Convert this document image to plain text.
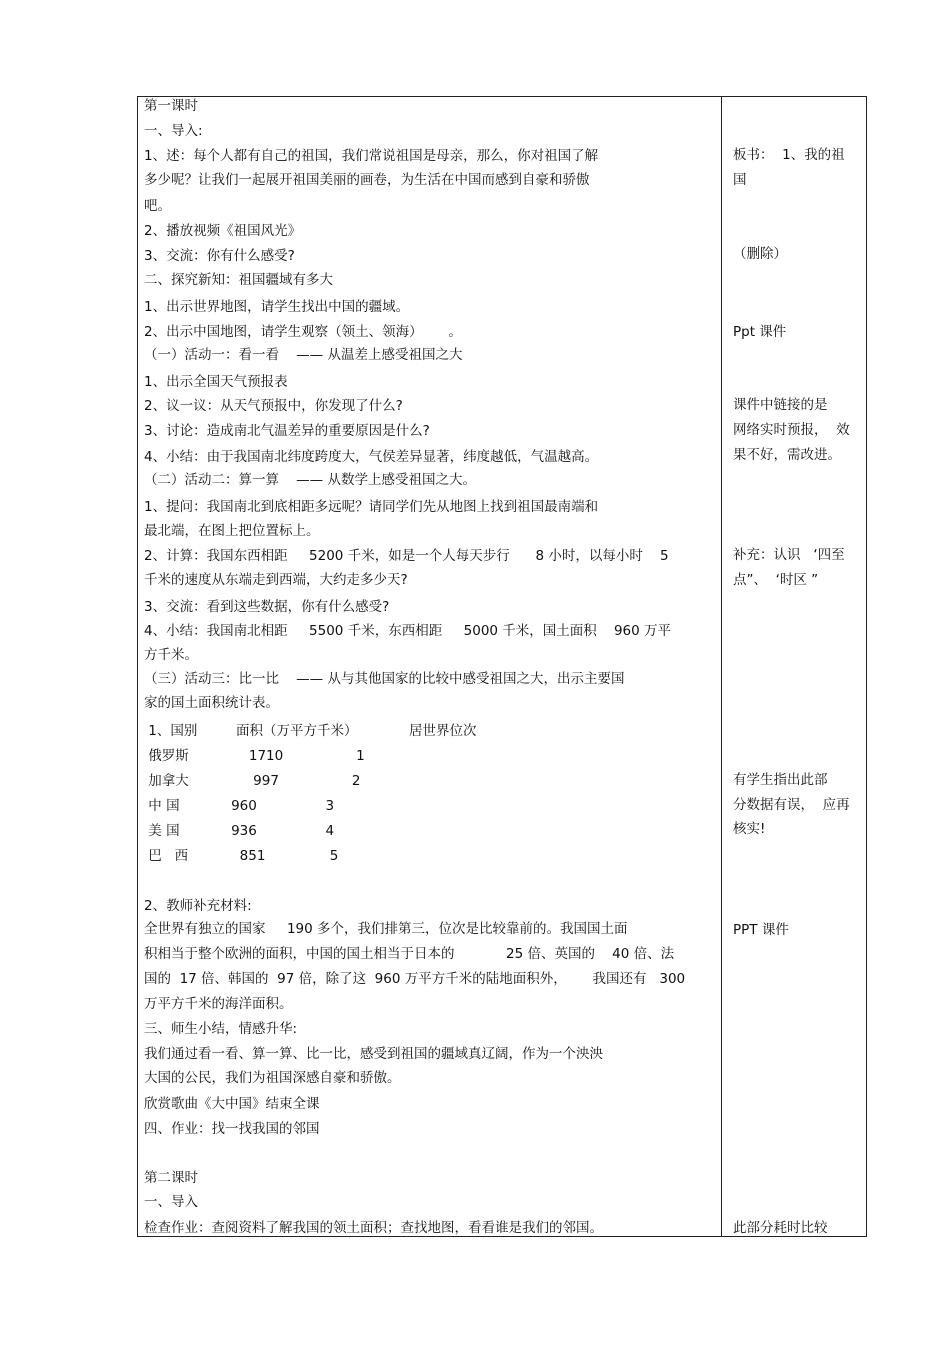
第一课时
一、导入:
1、述：每个人都有自己的祖国，我们常说祖国是母亲，那么，你对祖国了解
多少呢？让我们一起展开祖国美丽的画卷，为生活在中国而感到自豪和骄傲
吧。
2、播放视频《祖国风光》
3、交流：你有什么感受?
二、探究新知：祖国疆域有多大
1、出示世界地图，请学生找出中国的疆域。
2、出示中国地图，请学生观察（领土、领海）      。
（一）活动一：看一看    —— 从温差上感受祖国之大
1、出示全国天气预报表
2、议一议：从天气预报中，你发现了什么?
3、讨论：造成南北气温差异的重要原因是什么?
4、小结：由于我国南北纬度跨度大，气侯差异显著，纬度越低，气温越高。
（二）活动二：算一算    —— 从数学上感受祖国之大。
1、提问：我国南北到底相距多远呢？请同学们先从地图上找到祖国最南端和
最北端，在图上把位置标上。
2、计算：我国东西相距     5200 千米，如是一个人每天步行      8 小时，以每小时    5
千米的速度从东端走到西端，大约走多少天?
3、交流：看到这些数据，你有什么感受?
4、小结：我国南北相距     5500 千米，东西相距     5000 千米，国土面积    960 万平
方千米。
（三）活动三：比一比    —— 从与其他国家的比较中感受祖国之大，出示主要国
家的国土面积统计表。
1、国别         面积（万平方千米）            居世界位次
俄罗斯              1710                 1
加拿大               997                 2
中 国            960                3
美 国            936                4
巴   西            851               5
2、教师补充材料:
全世界有独立的国家     190 多个，我们排第三，位次是比较靠前的。我国国土面
积相当于整个欧洲的面积，中国的国土相当于日本的            25 倍、英国的    40 倍、法
国的  17 倍、韩国的  97 倍，除了这  960 万平方千米的陆地面积外，      我国还有   300
万平方千米的海洋面积。
三、师生小结，情感升华:
我们通过看一看、算一算、比一比，感受到祖国的疆域真辽阔，作为一个泱泱
大国的公民，我们为祖国深感自豪和骄傲。
欣赏歌曲《大中国》结束全课
四、作业：找一找我国的邻国
第二课时
一、导入
检查作业：查阅资料了解我国的领土面积；查找地图，看看谁是我们的邻国。
板书：  1、我的祖
国
（删除）
Ppt 课件
课件中链接的是
网络实时预报，  效
果不好，需改进。
补充：认识   ‘四至
点”、  ‘时区 ”
有学生指出此部
分数据有误，  应再
核实!
PPT 课件
此部分耗时比较
